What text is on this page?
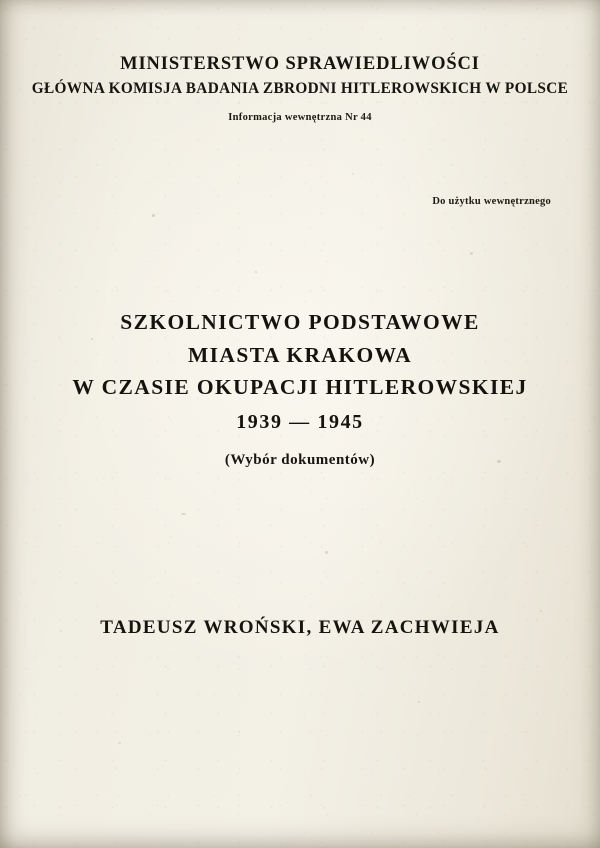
MINISTERSTWO SPRAWIEDLIWOŚCI
GŁÓWNA KOMISJA BADANIA ZBRODNI HITLEROWSKICH W POLSCE
Informacja wewnętrzna Nr 44
Do użytku wewnętrznego
SZKOLNICTWO PODSTAWOWE
MIASTA KRAKOWA
W CZASIE OKUPACJI HITLEROWSKIEJ
1939 — 1945
(Wybór dokumentów)
TADEUSZ WROŃSKI, EWA ZACHWIEJA
